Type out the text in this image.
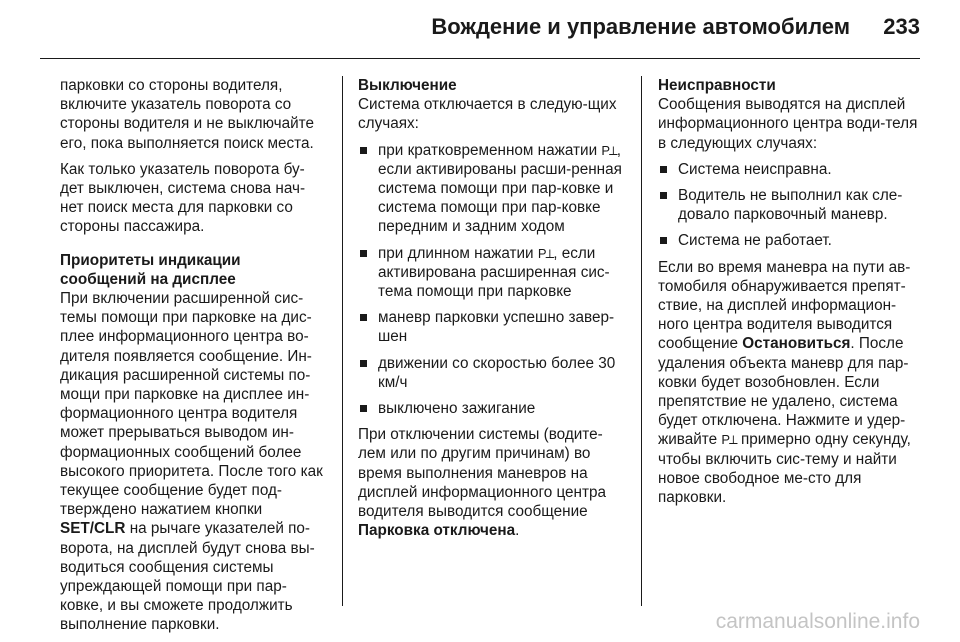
Вождение и управление автомобилем 233

парковки со стороны водителя, включите указатель поворота со стороны водителя и не выключайте его, пока выполняется поиск места.

Как только указатель поворота бу-дет выключен, система снова нач-нет поиск места для парковки со стороны пассажира.

Приоритеты индикации сообщений на дисплее

При включении расширенной сис-темы помощи при парковке на дис-плее информационного центра во-дителя появляется сообщение. Ин-дикация расширенной системы по-мощи при парковке на дисплее ин-формационного центра водителя может прерываться выводом ин-формационных сообщений более высокого приоритета. После того как текущее сообщение будет под-тверждено нажатием кнопки SET/CLR на рычаге указателей по-ворота, на дисплей будут снова вы-водиться сообщения системы упреждающей помощи при пар-ковке, и вы сможете продолжить выполнение парковки.

Выключение

Система отключается в следую-щих случаях:

при кратковременном нажатии P⟂, если активированы расши-ренная система помощи при пар-ковке и система помощи при пар-ковке передним и задним ходом
при длинном нажатии P⟂, если активирована расширенная сис-тема помощи при парковке
маневр парковки успешно завер-шен
движении со скоростью более 30 км/ч
выключено зажигание

При отключении системы (водите-лем или по другим причинам) во время выполнения маневров на дисплей информационного центра водителя выводится сообщение Парковка отключена.

Неисправности

Сообщения выводятся на дисплей информационного центра води-теля в следующих случаях:

Система неисправна.
Водитель не выполнил как сле-довало парковочный маневр.
Система не работает.

Если во время маневра на пути ав-томобиля обнаруживается препят-ствие, на дисплей информацион-ного центра водителя выводится сообщение Остановиться. После удаления объекта маневр для пар-ковки будет возобновлен. Если препятствие не удалено, система будет отключена. Нажмите и удер-живайте P⟂ примерно одну секунду, чтобы включить сис-тему и найти новое свободное ме-сто для парковки.

carmanualsonline.info
